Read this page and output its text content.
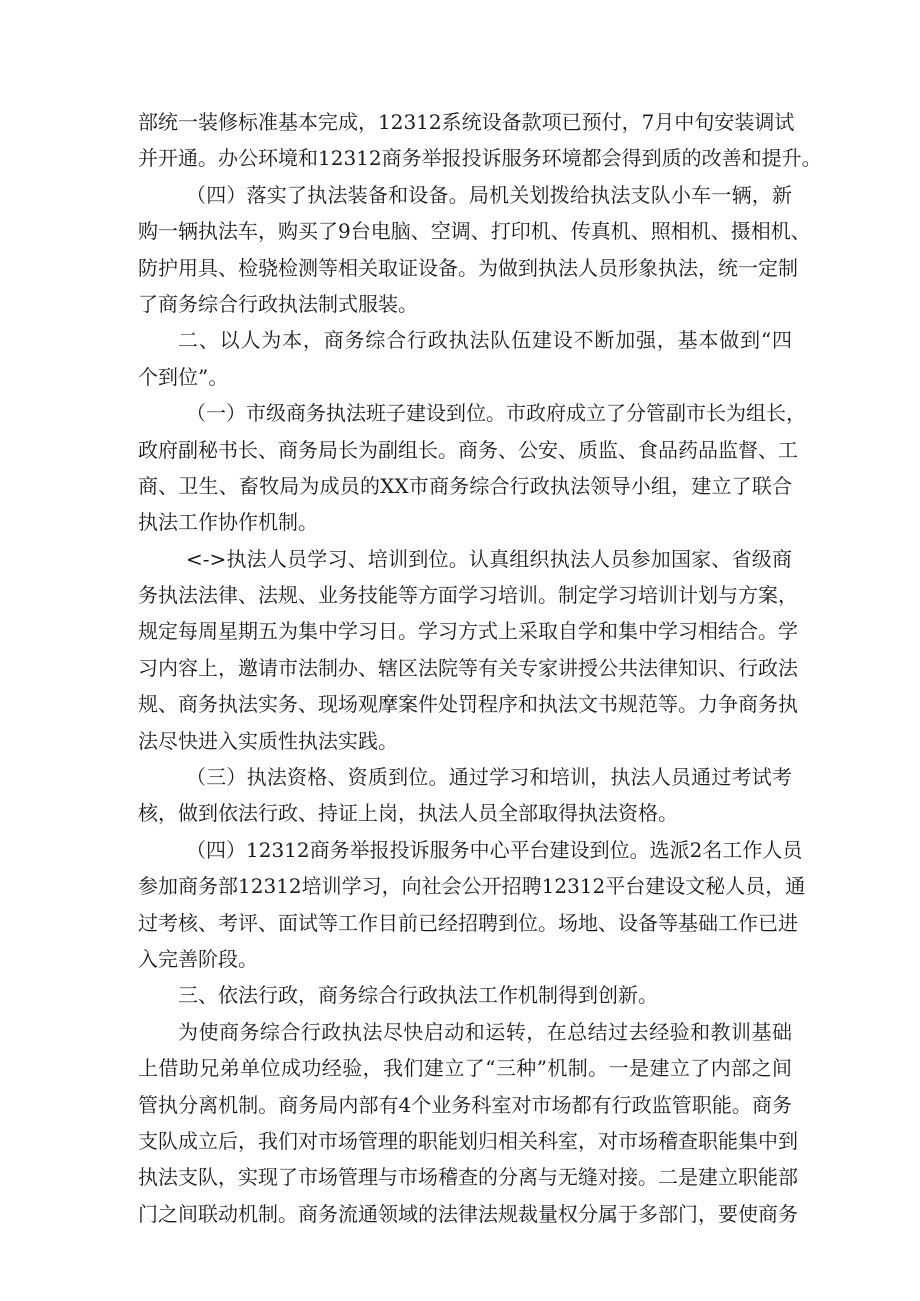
部统一装修标准基本完成，12312系统设备款项已预付，7月中旬安装调试
并开通。办公环境和12312商务举报投诉服务环境都会得到质的改善和提升。
（四）落实了执法装备和设备。局机关划拨给执法支队小车一辆，新
购一辆执法车，购买了9台电脑、空调、打印机、传真机、照相机、摄相机、
防护用具、检骁检测等相关取证设备。为做到执法人员形象执法，统一定制
了商务综合行政执法制式服装。
二、以人为本，商务综合行政执法队伍建设不断加强，基本做到“四
个到位”。
（一）市级商务执法班子建设到位。市政府成立了分管副市长为组长，
政府副秘书长、商务局长为副组长。商务、公安、质监、食品药品监督、工
商、卫生、畜牧局为成员的XX市商务综合行政执法领导小组，建立了联合
执法工作协作机制。
<->执法人员学习、培训到位。认真组织执法人员参加国家、省级商
务执法法律、法规、业务技能等方面学习培训。制定学习培训计划与方案，
规定每周星期五为集中学习日。学习方式上采取自学和集中学习相结合。学
习内容上，邀请市法制办、辖区法院等有关专家讲授公共法律知识、行政法
规、商务执法实务、现场观摩案件处罚程序和执法文书规范等。力争商务执
法尽快进入实质性执法实践。
（三）执法资格、资质到位。通过学习和培训，执法人员通过考试考
核，做到依法行政、持证上岗，执法人员全部取得执法资格。
（四）12312商务举报投诉服务中心平台建设到位。选派2名工作人员
参加商务部12312培训学习，向社会公开招聘12312平台建设文秘人员，通
过考核、考评、面试等工作目前已经招聘到位。场地、设备等基础工作已进
入完善阶段。
三、依法行政，商务综合行政执法工作机制得到创新。
为使商务综合行政执法尽快启动和运转，在总结过去经验和教训基础
上借助兄弟单位成功经验，我们建立了“三种”机制。一是建立了内部之间
管执分离机制。商务局内部有4个业务科室对市场都有行政监管职能。商务
支队成立后，我们对市场管理的职能划归相关科室，对市场稽查职能集中到
执法支队，实现了市场管理与市场稽查的分离与无缝对接。二是建立职能部
门之间联动机制。商务流通领域的法律法规裁量权分属于多部门，要使商务
